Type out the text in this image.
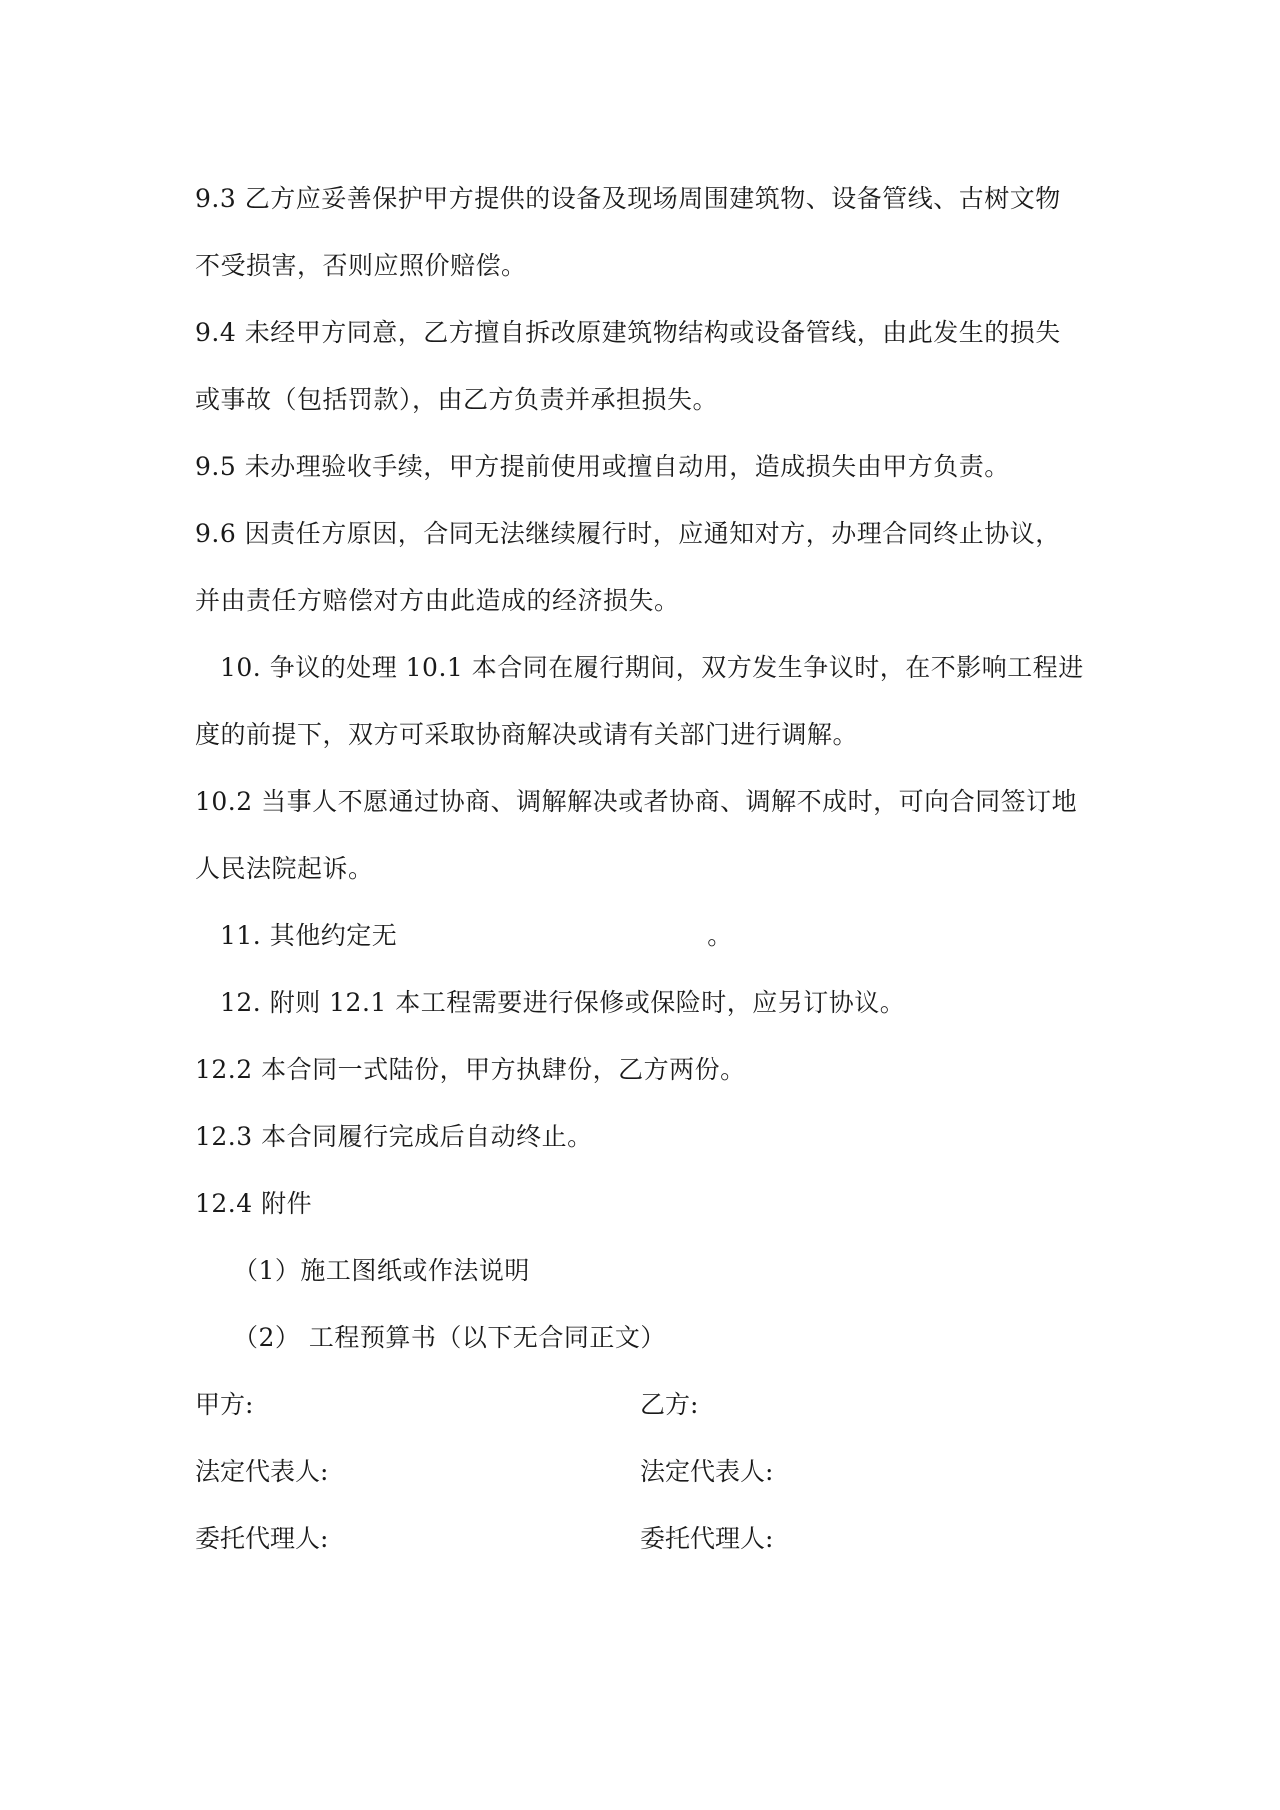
9.3 乙方应妥善保护甲方提供的设备及现场周围建筑物、设备管线、古树文物
不受损害，否则应照价赔偿。
9.4 未经甲方同意，乙方擅自拆改原建筑物结构或设备管线，由此发生的损失
或事故（包括罚款），由乙方负责并承担损失。
9.5 未办理验收手续，甲方提前使用或擅自动用，造成损失由甲方负责。
9.6 因责任方原因，合同无法继续履行时，应通知对方，办理合同终止协议，
并由责任方赔偿对方由此造成的经济损失。
10. 争议的处理 10.1 本合同在履行期间，双方发生争议时，在不影响工程进
度的前提下，双方可采取协商解决或请有关部门进行调解。
10.2 当事人不愿通过协商、调解解决或者协商、调解不成时，可向合同签订地
人民法院起诉。
11. 其他约定无	。
12. 附则 12.1 本工程需要进行保修或保险时，应另订协议。
12.2 本合同一式陆份，甲方执肆份，乙方两份。
12.3 本合同履行完成后自动终止。
12.4 附件
（1）施工图纸或作法说明
（2） 工程预算书（以下无合同正文）
甲方:	乙方:
法定代表人:	法定代表人:
委托代理人:	委托代理人:
